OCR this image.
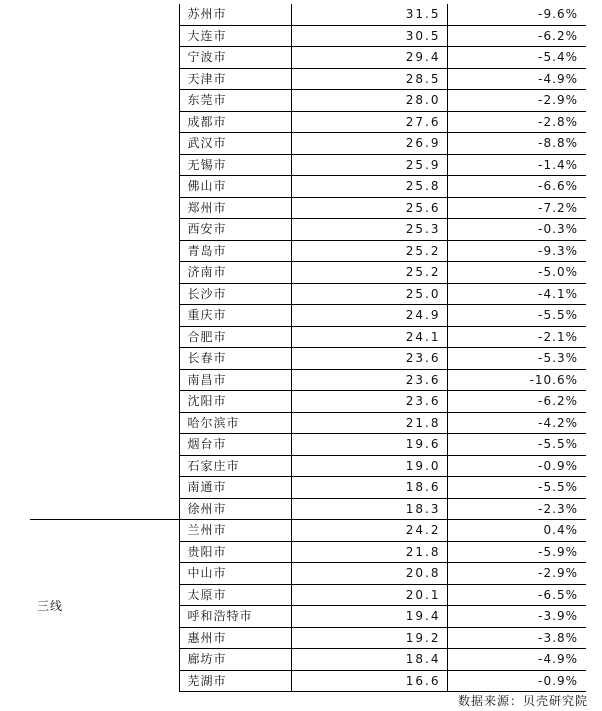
	苏州市	31.5	-9.6%
	大连市	30.5	-6.2%
	宁波市	29.4	-5.4%
	天津市	28.5	-4.9%
	东莞市	28.0	-2.9%
	成都市	27.6	-2.8%
	武汉市	26.9	-8.8%
	无锡市	25.9	-1.4%
	佛山市	25.8	-6.6%
	郑州市	25.6	-7.2%
	西安市	25.3	-0.3%
	青岛市	25.2	-9.3%
	济南市	25.2	-5.0%
	长沙市	25.0	-4.1%
	重庆市	24.9	-5.5%
	合肥市	24.1	-2.1%
	长春市	23.6	-5.3%
	南昌市	23.6	-10.6%
	沈阳市	23.6	-6.2%
	哈尔滨市	21.8	-4.2%
	烟台市	19.6	-5.5%
	石家庄市	19.0	-0.9%
	南通市	18.6	-5.5%
	徐州市	18.3	-2.3%
三线	兰州市	24.2	0.4%
	贵阳市	21.8	-5.9%
	中山市	20.8	-2.9%
	太原市	20.1	-6.5%
	呼和浩特市	19.4	-3.9%
	惠州市	19.2	-3.8%
	廊坊市	18.4	-4.9%
	芜湖市	16.6	-0.9%
数据来源：贝壳研究院
